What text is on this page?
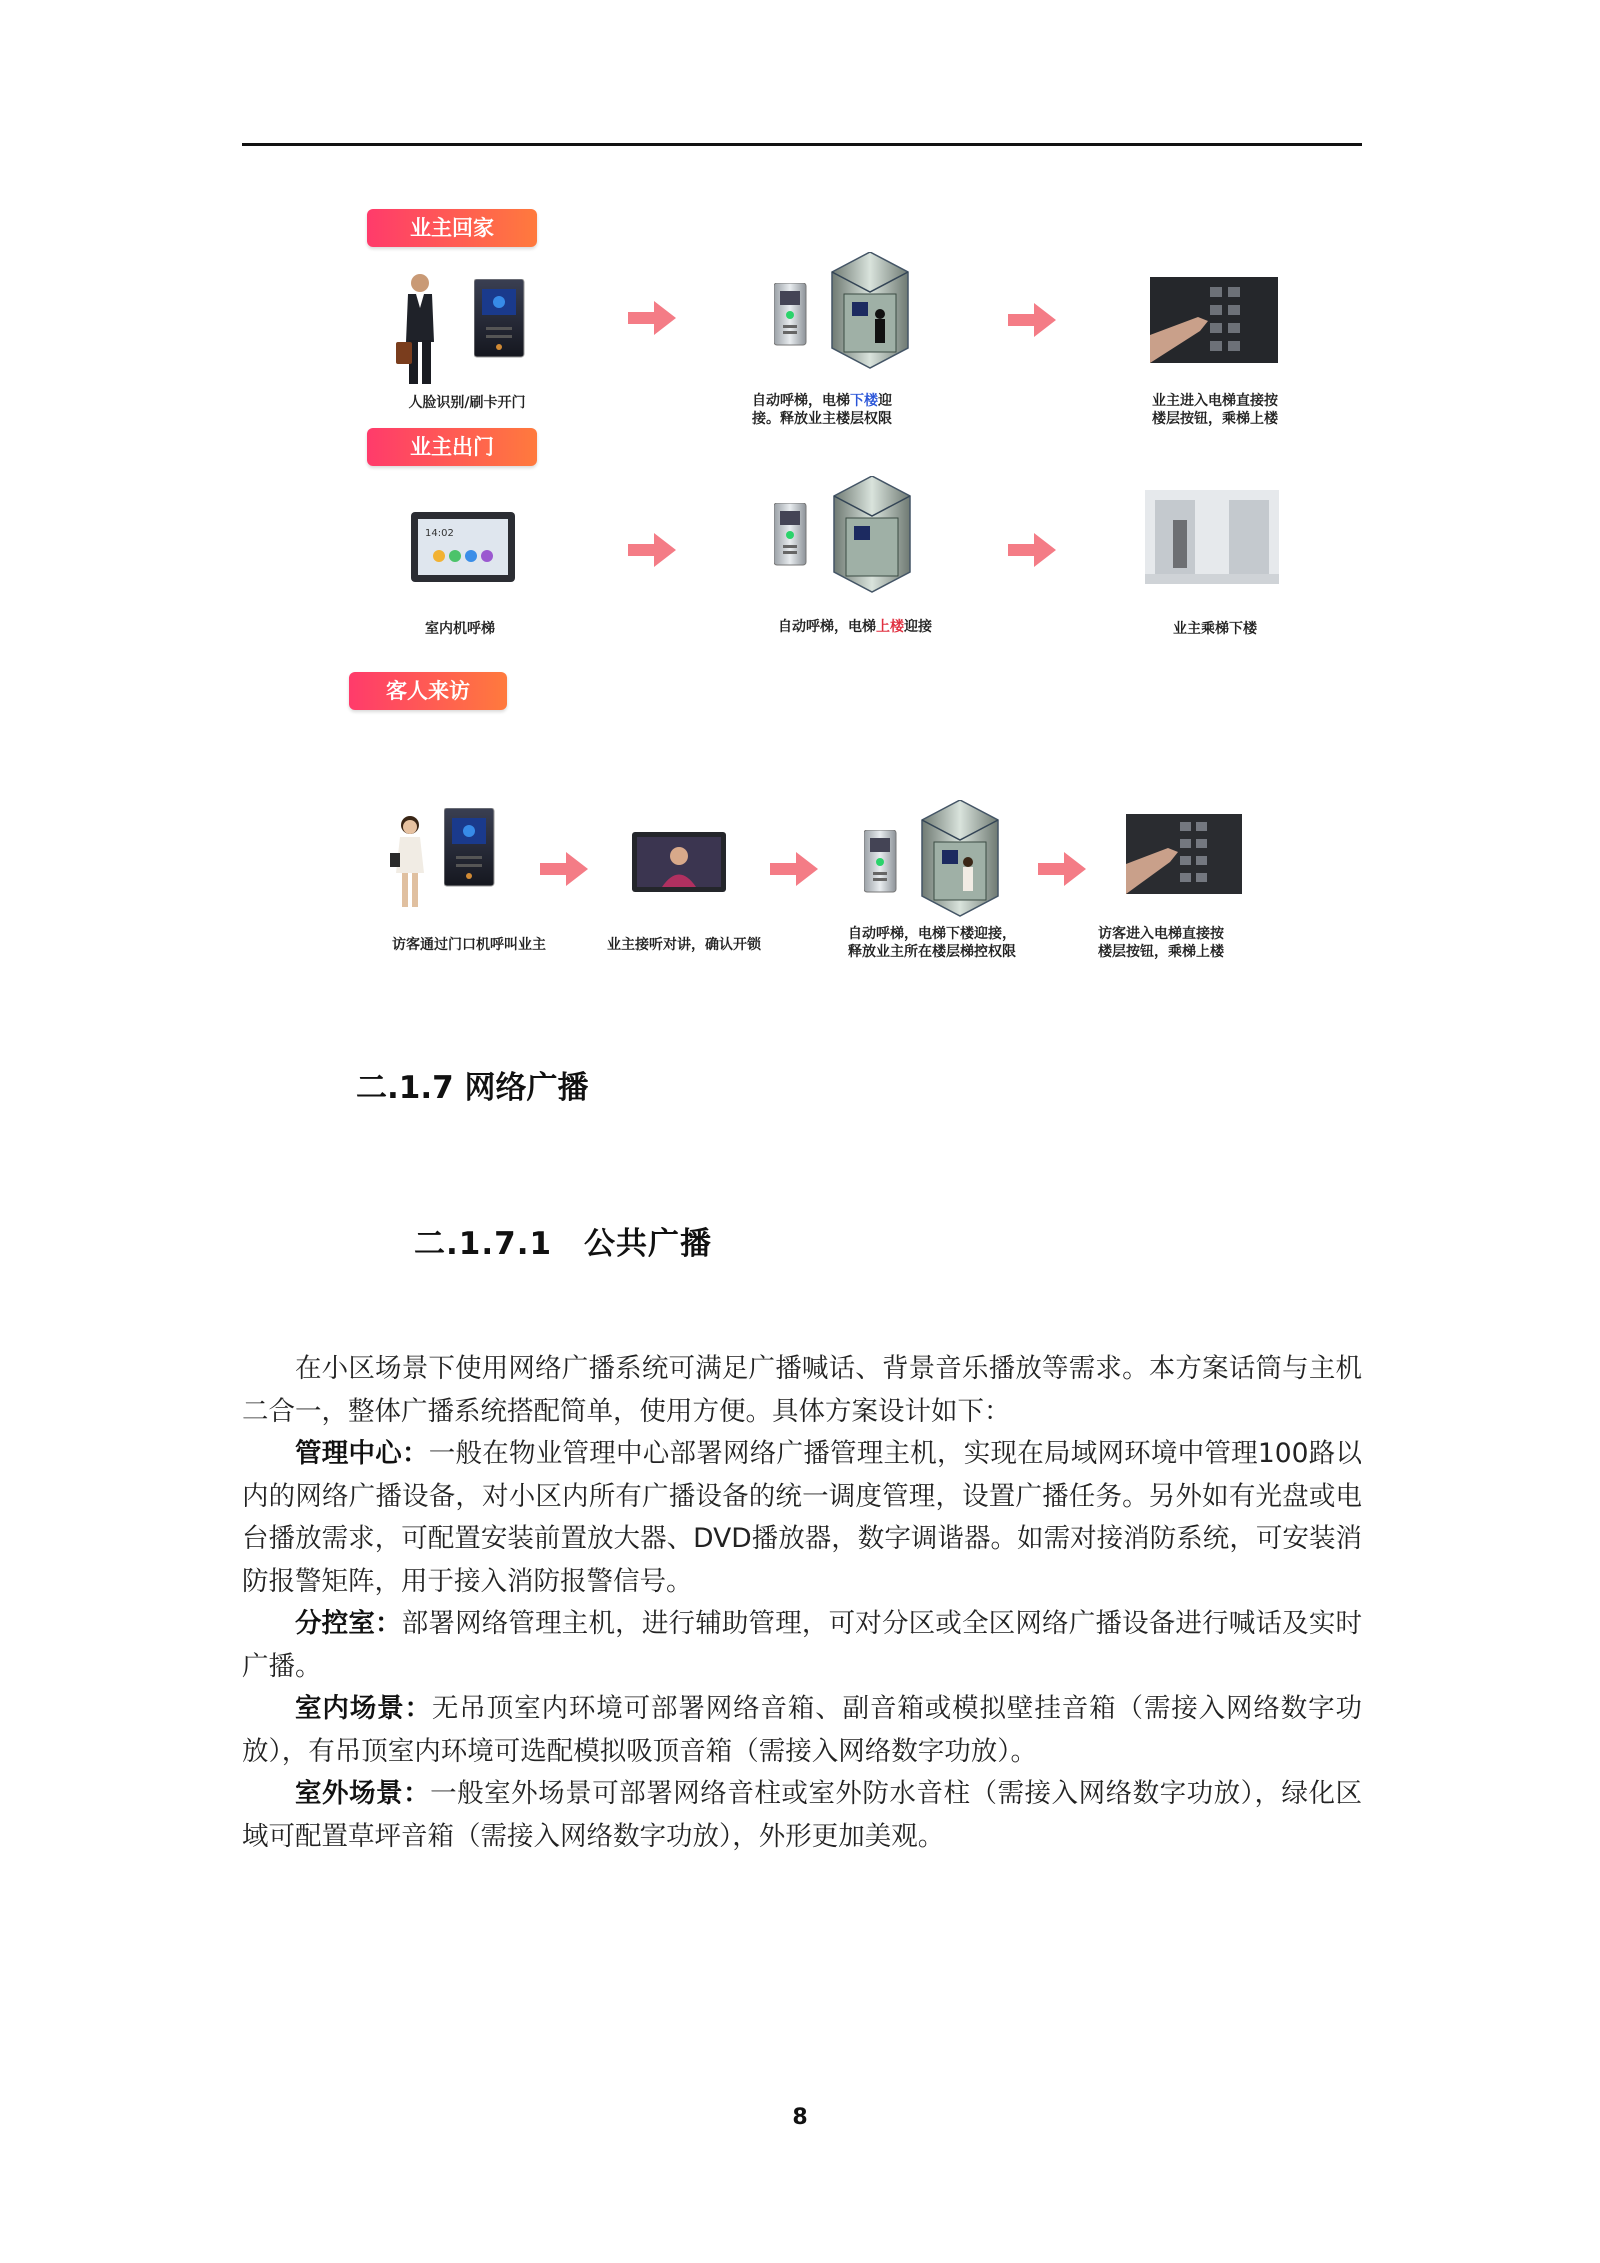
业主回家
人脸识别/刷卡开门	自动呼梯，电梯下楼迎
接。释放业主楼层权限
业主进入电梯直接按
楼层按钮，乘梯上楼
业主出门
14:02
室内机呼梯	自动呼梯，电梯上楼迎接	业主乘梯下楼
客人来访
访客通过门口机呼叫业主	业主接听对讲，确认开锁
自动呼梯，电梯下楼迎接，
释放业主所在楼层梯控权限
访客进入电梯直接按
楼层按钮，乘梯上楼
二.1.7 网络广播
二.1.7.1　公共广播

在小区场景下使用网络广播系统可满足广播喊话、背景音乐播放等需求。本方案话筒与主机二合一，整体广播系统搭配简单，使用方便。具体方案设计如下：

管理中心：一般在物业管理中心部署网络广播管理主机，实现在局域网环境中管理100路以内的网络广播设备，对小区内所有广播设备的统一调度管理，设置广播任务。另外如有光盘或电台播放需求，可配置安装前置放大器、DVD播放器，数字调谐器。如需对接消防系统，可安装消防报警矩阵，用于接入消防报警信号。

分控室：部署网络管理主机，进行辅助管理，可对分区或全区网络广播设备进行喊话及实时广播。

室内场景：无吊顶室内环境可部署网络音箱、副音箱或模拟壁挂音箱（需接入网络数字功放），有吊顶室内环境可选配模拟吸顶音箱（需接入网络数字功放）。

室外场景：一般室外场景可部署网络音柱或室外防水音柱（需接入网络数字功放），绿化区域可配置草坪音箱（需接入网络数字功放），外形更加美观。

8
